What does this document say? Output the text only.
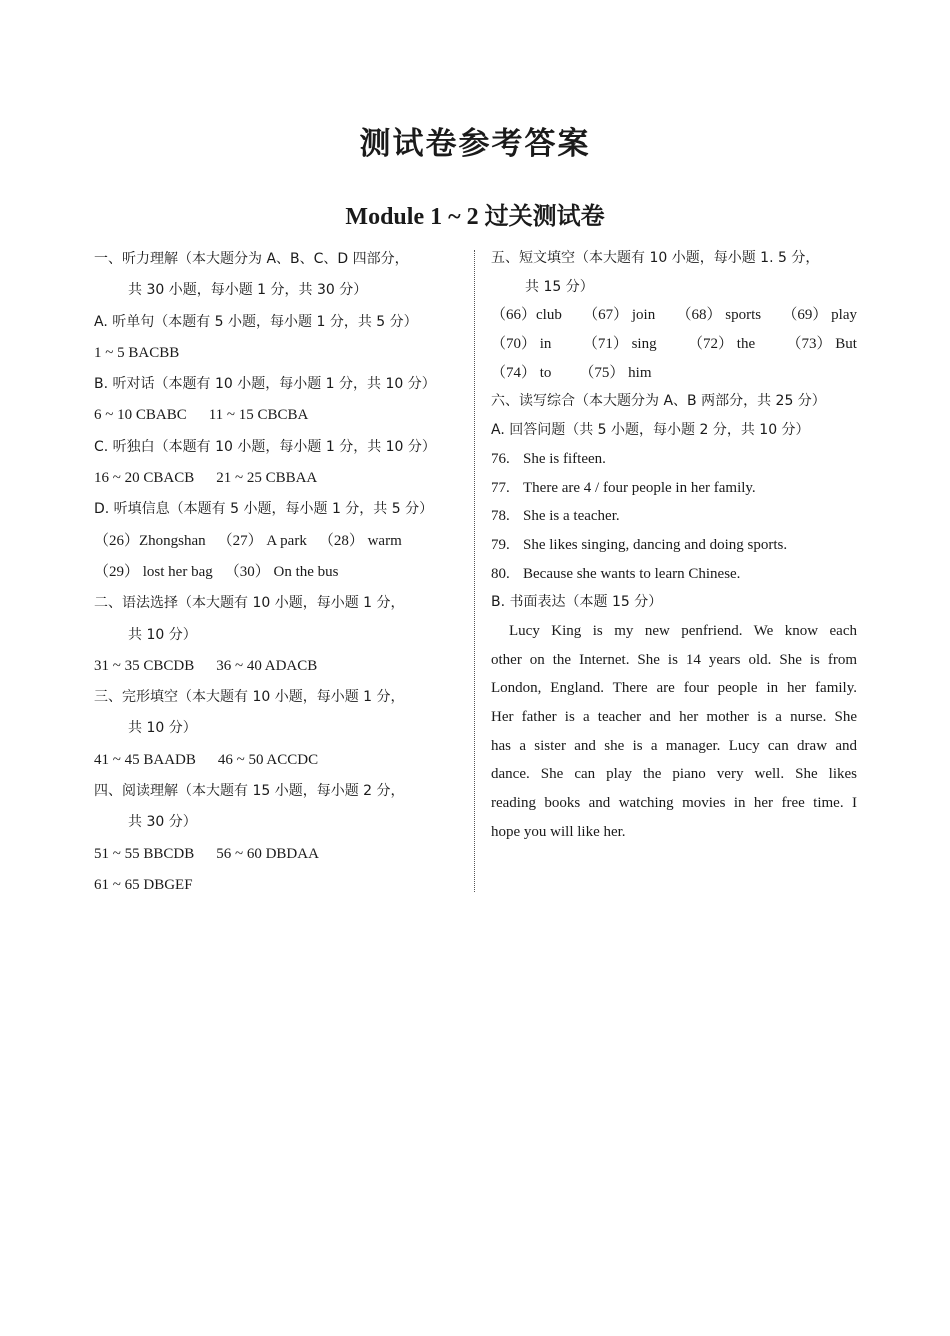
测试卷参考答案
Module 1 ~ 2 过关测试卷
一、听力理解（本大题分为 A、B、C、D 四部分，
共 30 小题，每小题 1 分，共 30 分）
A. 听单句（本题有 5 小题，每小题 1 分，共 5 分）
1 ~ 5 BACBB
B. 听对话（本题有 10 小题，每小题 1 分，共 10 分）
6 ~ 10 CBABC 11 ~ 15 CBCBA
C. 听独白（本题有 10 小题，每小题 1 分，共 10 分）
16 ~ 20 CBACB 21 ~ 25 CBBAA
D. 听填信息（本题有 5 小题，每小题 1 分，共 5 分）
（26）Zhongshan （27） A park （28） warm
（29） lost her bag （30） On the bus
二、语法选择（本大题有 10 小题，每小题 1 分，
共 10 分）
31 ~ 35 CBCDB 36 ~ 40 ADACB
三、完形填空（本大题有 10 小题，每小题 1 分，
共 10 分）
41 ~ 45 BAADB 46 ~ 50 ACCDC
四、阅读理解（本大题有 15 小题，每小题 2 分，
共 30 分）
51 ~ 55 BBCDB 56 ~ 60 DBDAA
61 ~ 65 DBGEF
五、短文填空（本大题有 10 小题，每小题 1. 5 分，
共 15 分）
（66）club （67） join （68） sports （69） play
（70） in （71） sing （72） the （73） But
（74） to （75） him
六、读写综合（本大题分为 A、B 两部分，共 25 分）
A. 回答问题（共 5 小题，每小题 2 分，共 10 分）
76. She is fifteen.
77. There are 4 / four people in her family.
78. She is a teacher.
79. She likes singing, dancing and doing sports.
80. Because she wants to learn Chinese.
B. 书面表达（本题 15 分）
Lucy King is my new penfriend. We know each
other on the Internet. She is 14 years old. She is from
London, England. There are four people in her family.
Her father is a teacher and her mother is a nurse. She
has a sister and she is a manager. Lucy can draw and
dance. She can play the piano very well. She likes
reading books and watching movies in her free time. I
hope you will like her.
